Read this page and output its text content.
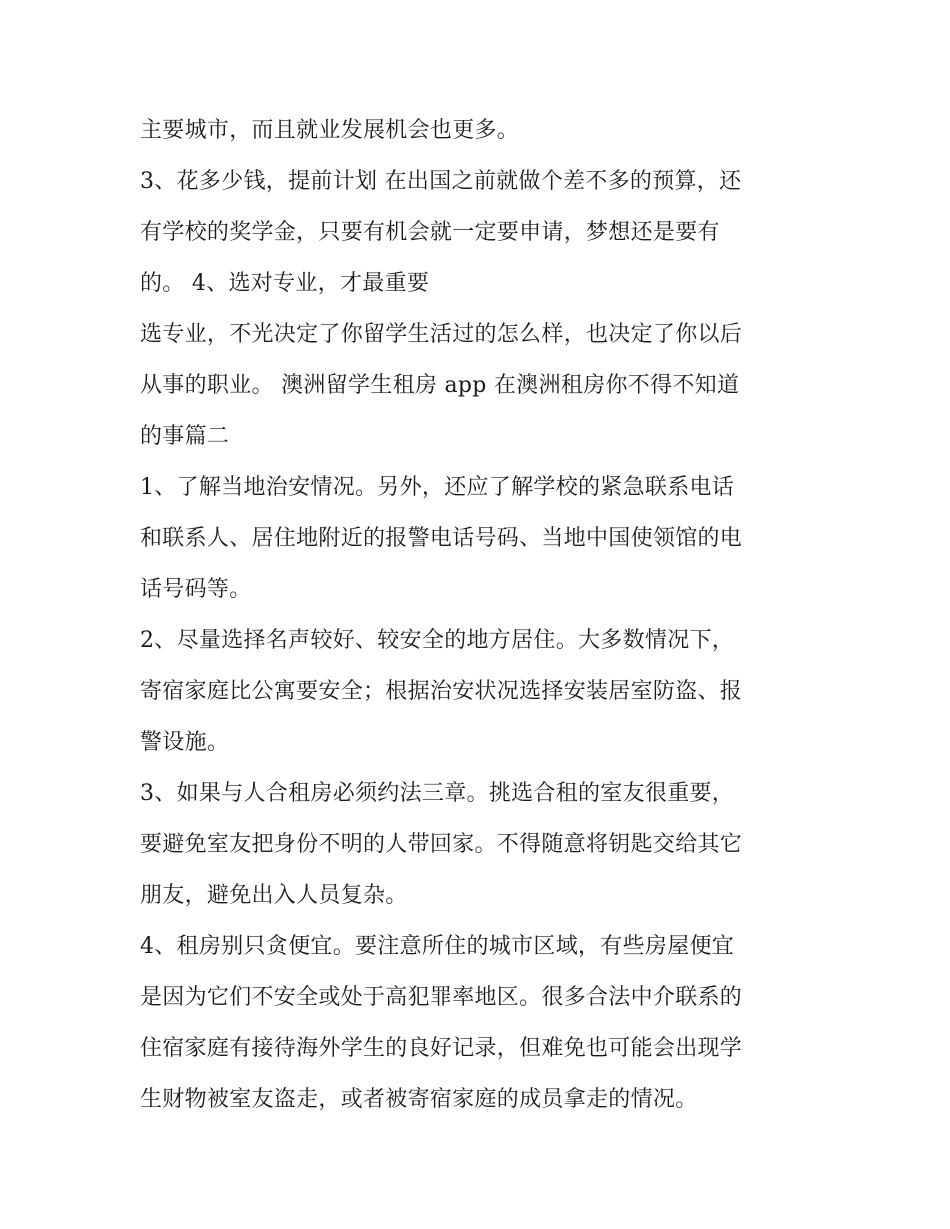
主要城市，而且就业发展机会也更多。
3、花多少钱，提前计划 在出国之前就做个差不多的预算，还
有学校的奖学金，只要有机会就一定要申请，梦想还是要有
的。 4、选对专业，才最重要
选专业，不光决定了你留学生活过的怎么样，也决定了你以后
从事的职业。 澳洲留学生租房 app 在澳洲租房你不得不知道
的事篇二
1、了解当地治安情况。另外，还应了解学校的紧急联系电话
和联系人、居住地附近的报警电话号码、当地中国使领馆的电
话号码等。
2、尽量选择名声较好、较安全的地方居住。大多数情况下，
寄宿家庭比公寓要安全；根据治安状况选择安装居室防盗、报
警设施。
3、如果与人合租房必须约法三章。挑选合租的室友很重要，
要避免室友把身份不明的人带回家。不得随意将钥匙交给其它
朋友，避免出入人员复杂。
4、租房别只贪便宜。要注意所住的城市区域，有些房屋便宜
是因为它们不安全或处于高犯罪率地区。很多合法中介联系的
住宿家庭有接待海外学生的良好记录，但难免也可能会出现学
生财物被室友盗走，或者被寄宿家庭的成员拿走的情况。
